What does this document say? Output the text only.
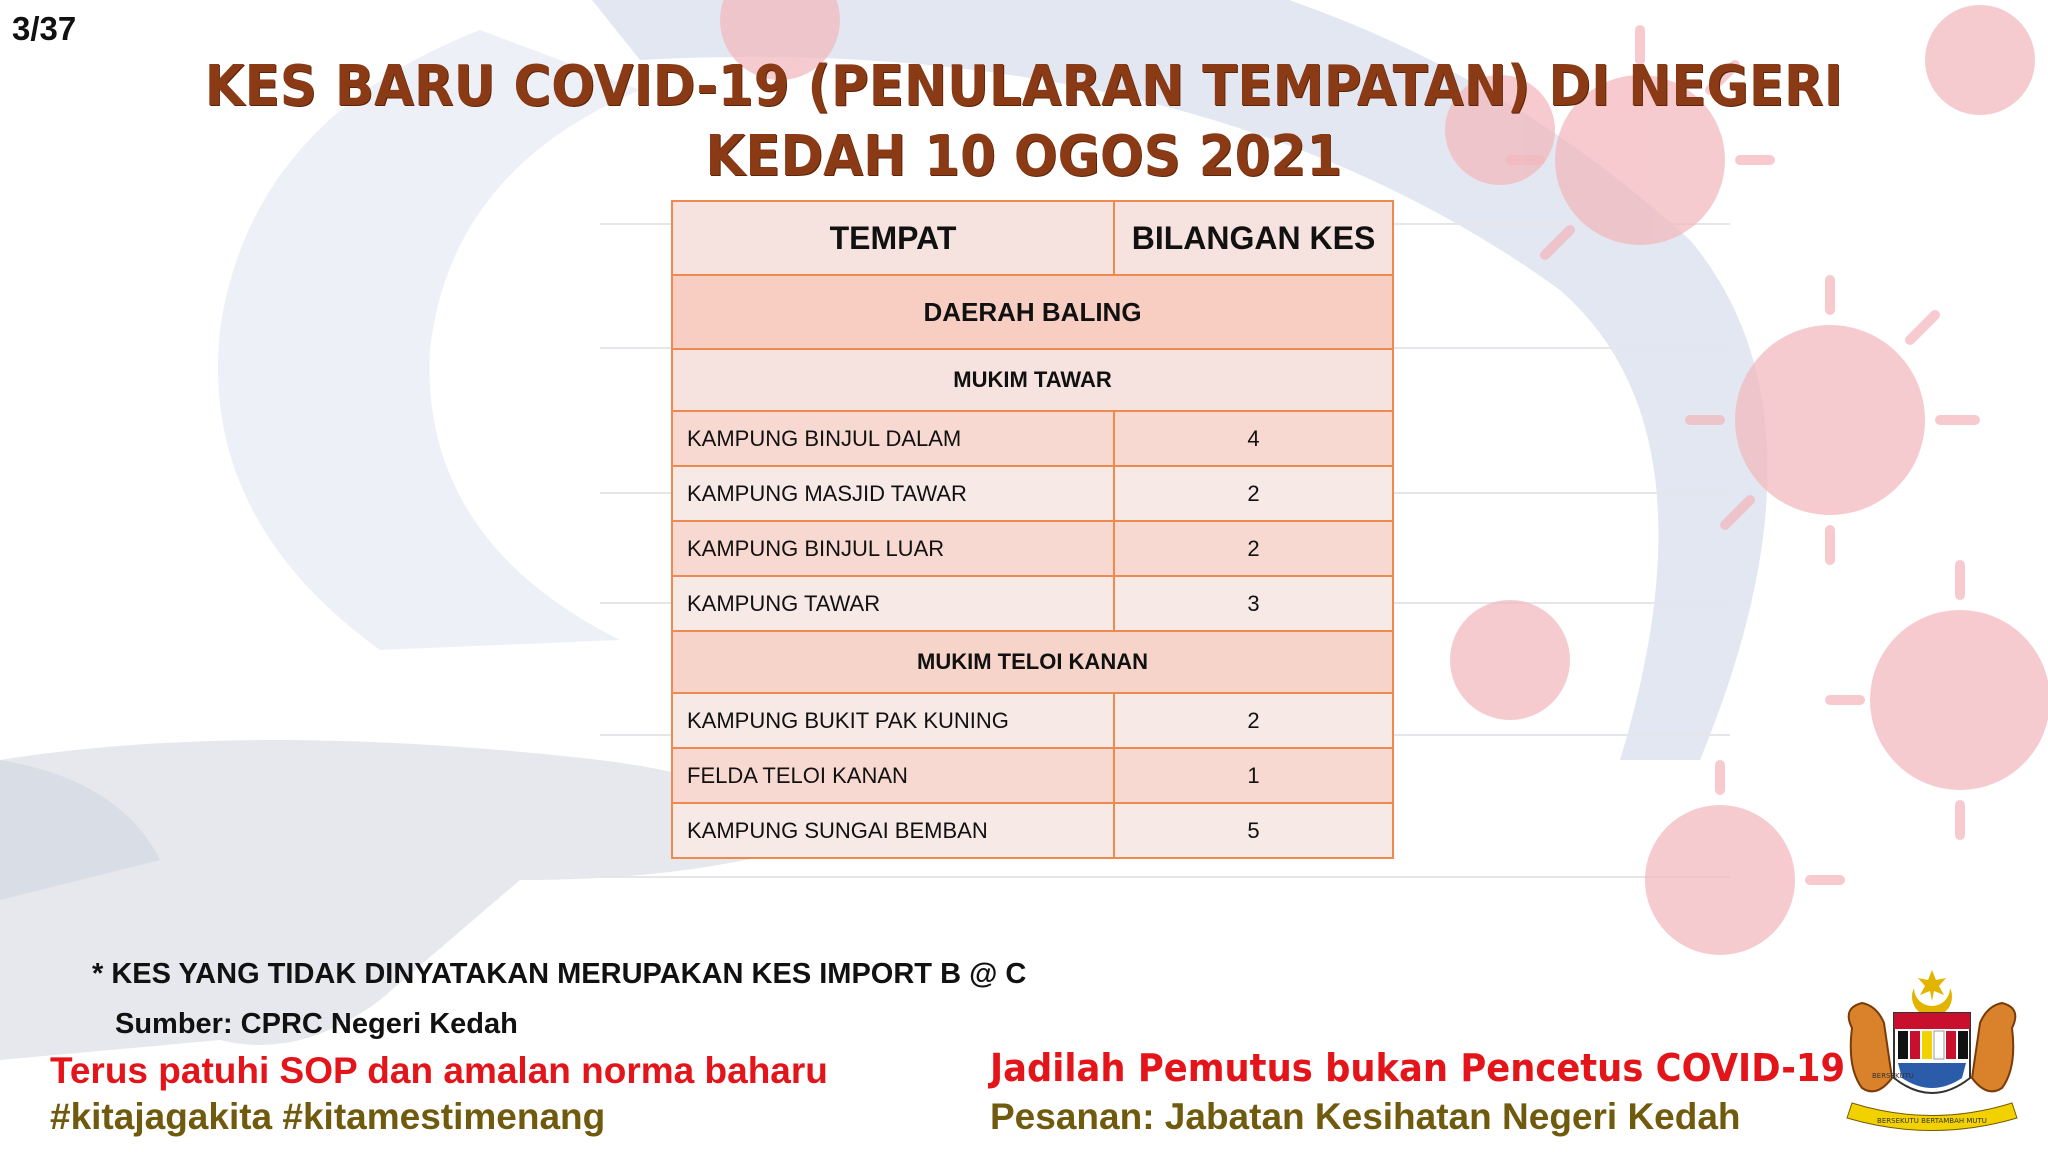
3/37
KES BARU COVID-19 (PENULARAN TEMPATAN) DI NEGERI
KEDAH 10 OGOS 2021
TEMPAT	BILANGAN KES
DAERAH BALING	
MUKIM TAWAR	
KAMPUNG BINJUL DALAM	4
KAMPUNG MASJID TAWAR	2
KAMPUNG BINJUL LUAR	2
KAMPUNG TAWAR	3
MUKIM TELOI KANAN	
KAMPUNG BUKIT PAK KUNING	2
FELDA TELOI KANAN	1
KAMPUNG SUNGAI BEMBAN	5
* KES YANG TIDAK DINYATAKAN MERUPAKAN KES IMPORT B @ C
Sumber: CPRC Negeri Kedah
Terus patuhi SOP dan amalan norma baharu
#kitajagakita #kitamestimenang
Jadilah Pemutus bukan Pencetus COVID-19
Pesanan: Jabatan Kesihatan Negeri Kedah
BERSEKUTU
BERSEKUTU BERTAMBAH MUTU
